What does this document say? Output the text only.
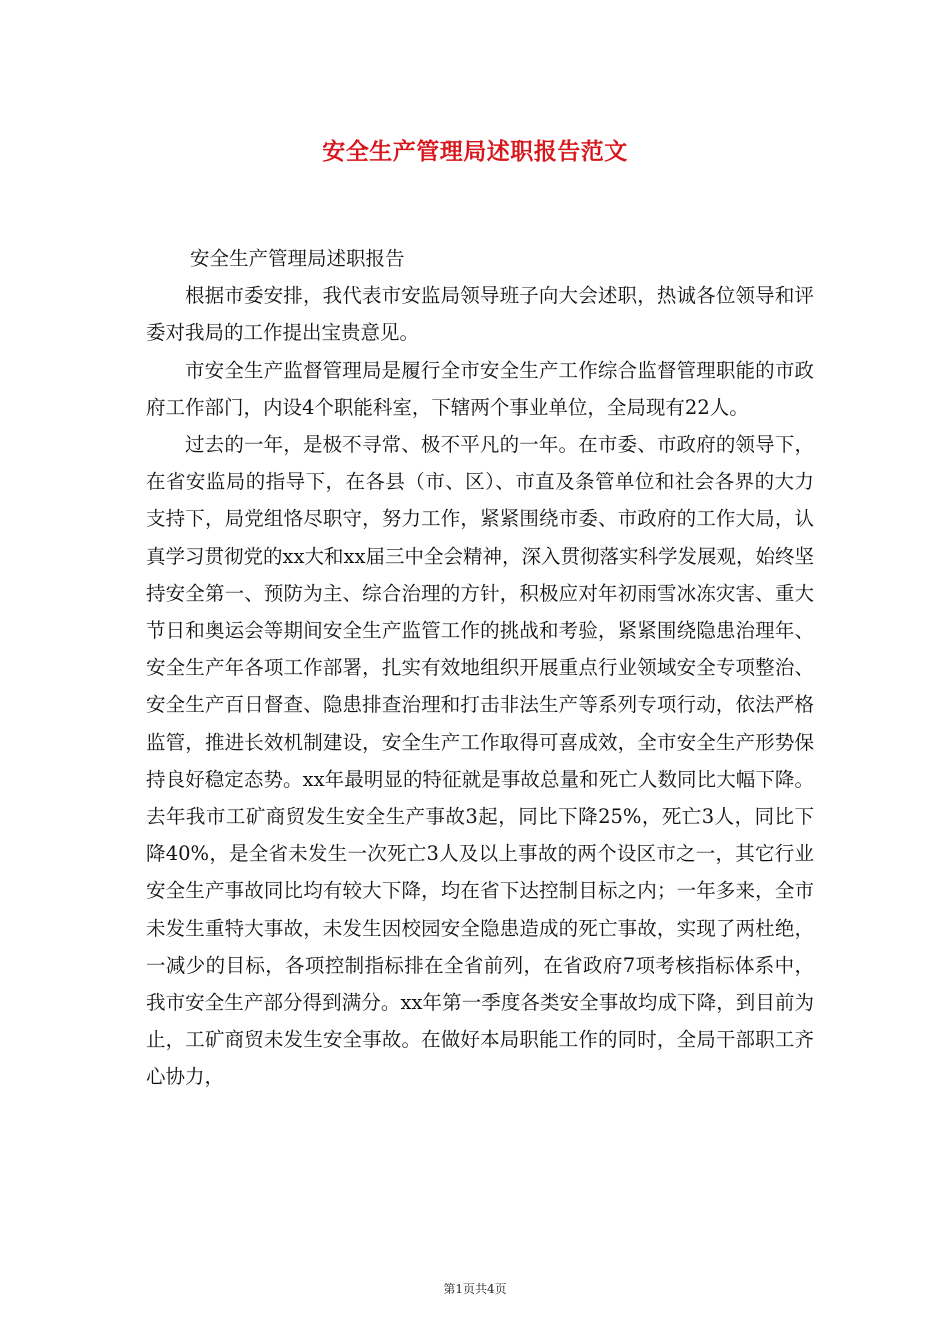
安全生产管理局述职报告范文

安全生产管理局述职报告

根据市委安排，我代表市安监局领导班子向大会述职，热诚各位领导和评委对我局的工作提出宝贵意见。

市安全生产监督管理局是履行全市安全生产工作综合监督管理职能的市政府工作部门，内设4个职能科室，下辖两个事业单位，全局现有22人。

过去的一年，是极不寻常、极不平凡的一年。在市委、市政府的领导下，在省安监局的指导下，在各县（市、区）、市直及条管单位和社会各界的大力支持下，局党组恪尽职守，努力工作，紧紧围绕市委、市政府的工作大局，认真学习贯彻党的xx大和xx届三中全会精神，深入贯彻落实科学发展观，始终坚持安全第一、预防为主、综合治理的方针，积极应对年初雨雪冰冻灾害、重大节日和奥运会等期间安全生产监管工作的挑战和考验，紧紧围绕隐患治理年、安全生产年各项工作部署，扎实有效地组织开展重点行业领域安全专项整治、安全生产百日督查、隐患排查治理和打击非法生产等系列专项行动，依法严格监管，推进长效机制建设，安全生产工作取得可喜成效，全市安全生产形势保持良好稳定态势。xx年最明显的特征就是事故总量和死亡人数同比大幅下降。去年我市工矿商贸发生安全生产事故3起，同比下降25%，死亡3人，同比下降40%，是全省未发生一次死亡3人及以上事故的两个设区市之一，其它行业安全生产事故同比均有较大下降，均在省下达控制目标之内；一年多来，全市未发生重特大事故，未发生因校园安全隐患造成的死亡事故，实现了两杜绝，一减少的目标，各项控制指标排在全省前列，在省政府7项考核指标体系中，我市安全生产部分得到满分。xx年第一季度各类安全事故均成下降，到目前为止，工矿商贸未发生安全事故。在做好本局职能工作的同时，全局干部职工齐心协力，

第1页共4页
